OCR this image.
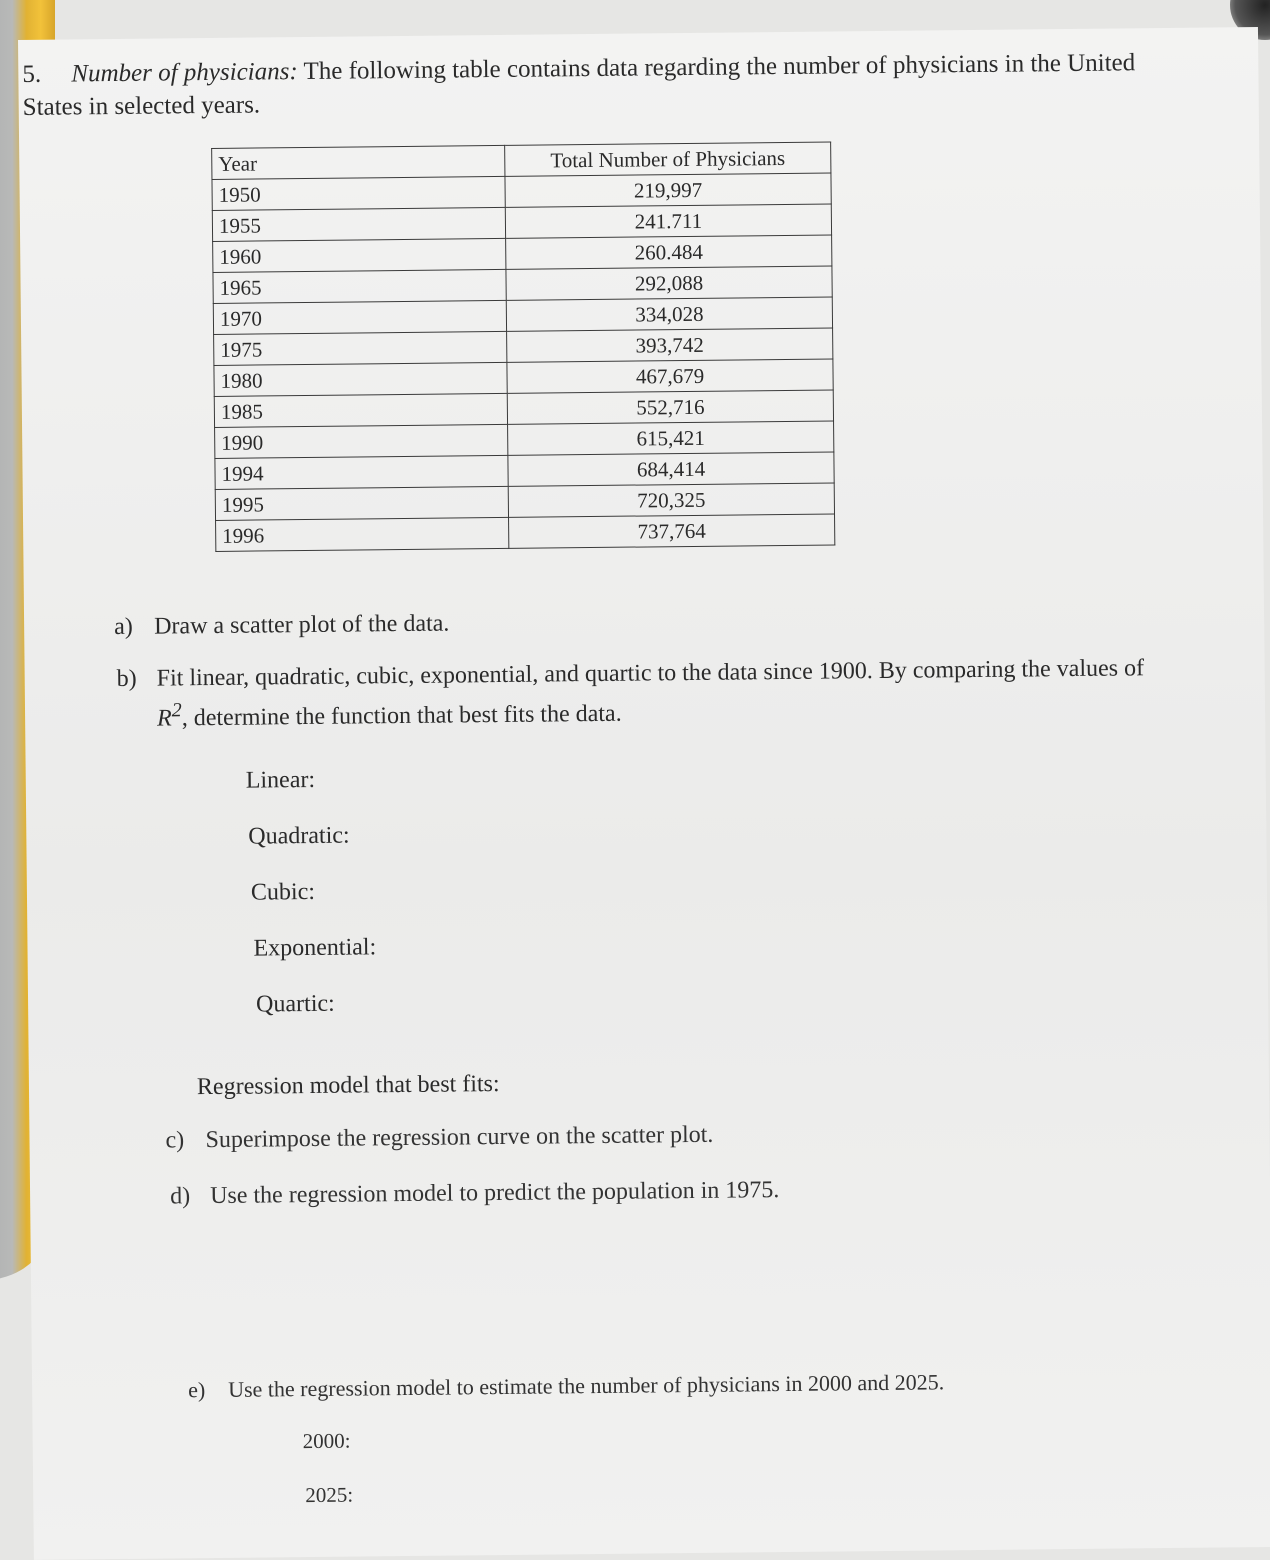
5. Number of physicians: The following table contains data regarding the number of physicians in the United States in selected years.
Year	Total Number of Physicians
1950	219,997
1955	241.711
1960	260.484
1965	292,088
1970	334,028
1975	393,742
1980	467,679
1985	552,716
1990	615,421
1994	684,414
1995	720,325
1996	737,764
a) Draw a scatter plot of the data.
b) Fit linear, quadratic, cubic, exponential, and quartic to the data since 1900. By comparing the values of
$R^2$, determine the function that best fits the data.
Linear:
Quadratic:
Cubic:
Exponential:
Quartic:
Regression model that best fits:
c) Superimpose the regression curve on the scatter plot.
d) Use the regression model to predict the population in 1975.
e) Use the regression model to estimate the number of physicians in 2000 and 2025.
2000:
2025:
